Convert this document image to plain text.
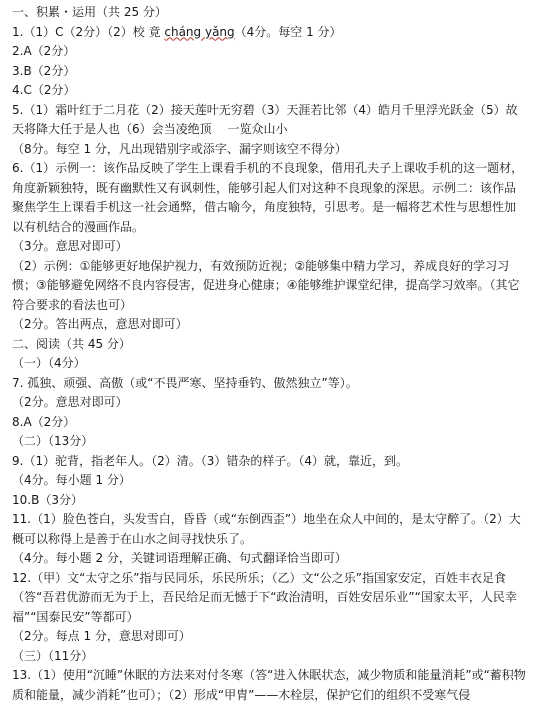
一、积累・运用（共 25 分）
1.（1）C（2分）（2）校 竟 cháng yǎng（4分。每空 1 分）
2.A（2分）
3.B（2分）
4.C（2分）
5.（1）霜叶红于二月花（2）接天莲叶无穷碧（3）天涯若比邻（4）皓月千里浮光跃金（5）故天将降大任于是人也（6）会当凌绝顶　 一览众山小
（8分。每空 1 分，凡出现错别字或添字、漏字则该空不得分）
6.（1）示例一：该作品反映了学生上课看手机的不良现象，借用孔夫子上课收手机的这一题材，角度新颖独特，既有幽默性又有讽刺性，能够引起人们对这种不良现象的深思。示例二：该作品聚焦学生上课看手机这一社会通弊，借古喻今，角度独特，引思考。是一幅将艺术性与思想性加以有机结合的漫画作品。
（3分。意思对即可）
（2）示例：①能够更好地保护视力，有效预防近视；②能够集中精力学习，养成良好的学习习惯；③能够避免网络不良内容侵害，促进身心健康；④能够维护课堂纪律，提高学习效率。（其它符合要求的看法也可）
（2分。答出两点，意思对即可）
二、阅读（共 45 分）
（一）（4分）
7. 孤独、顽强、高傲（或“不畏严寒、坚持垂钓、傲然独立”等）。
（2分。意思对即可）
8.A（2分）
（二）（13分）
9.（1）驼背，指老年人。（2）清。（3）错杂的样子。（4）就，靠近，到。
（4分。每小题 1 分）
10.B（3分）
11.（1）脸色苍白，头发雪白，昏昏（或“东倒西歪”）地坐在众人中间的，是太守醉了。（2）大概可以称得上是善于在山水之间寻找快乐了。
（4分。每小题 2 分，关键词语理解正确、句式翻译恰当即可）
12.（甲）文“太守之乐”指与民同乐，乐民所乐；（乙）文“公之乐”指国家安定，百姓丰衣足食（答“吾君优游而无为于上，吾民给足而无憾于下“政治清明，百姓安居乐业”“国家太平，人民幸福”“国泰民安”等都可）
（2分。每点 1 分，意思对即可）
（三）（11分）
13.（1）使用“沉睡”休眠的方法来对付冬寒（答“进入休眠状态，减少物质和能量消耗”或“蓄积物质和能量，减少消耗”也可）；（2）形成“甲胄”——木栓层，保护它们的组织不受寒气侵
